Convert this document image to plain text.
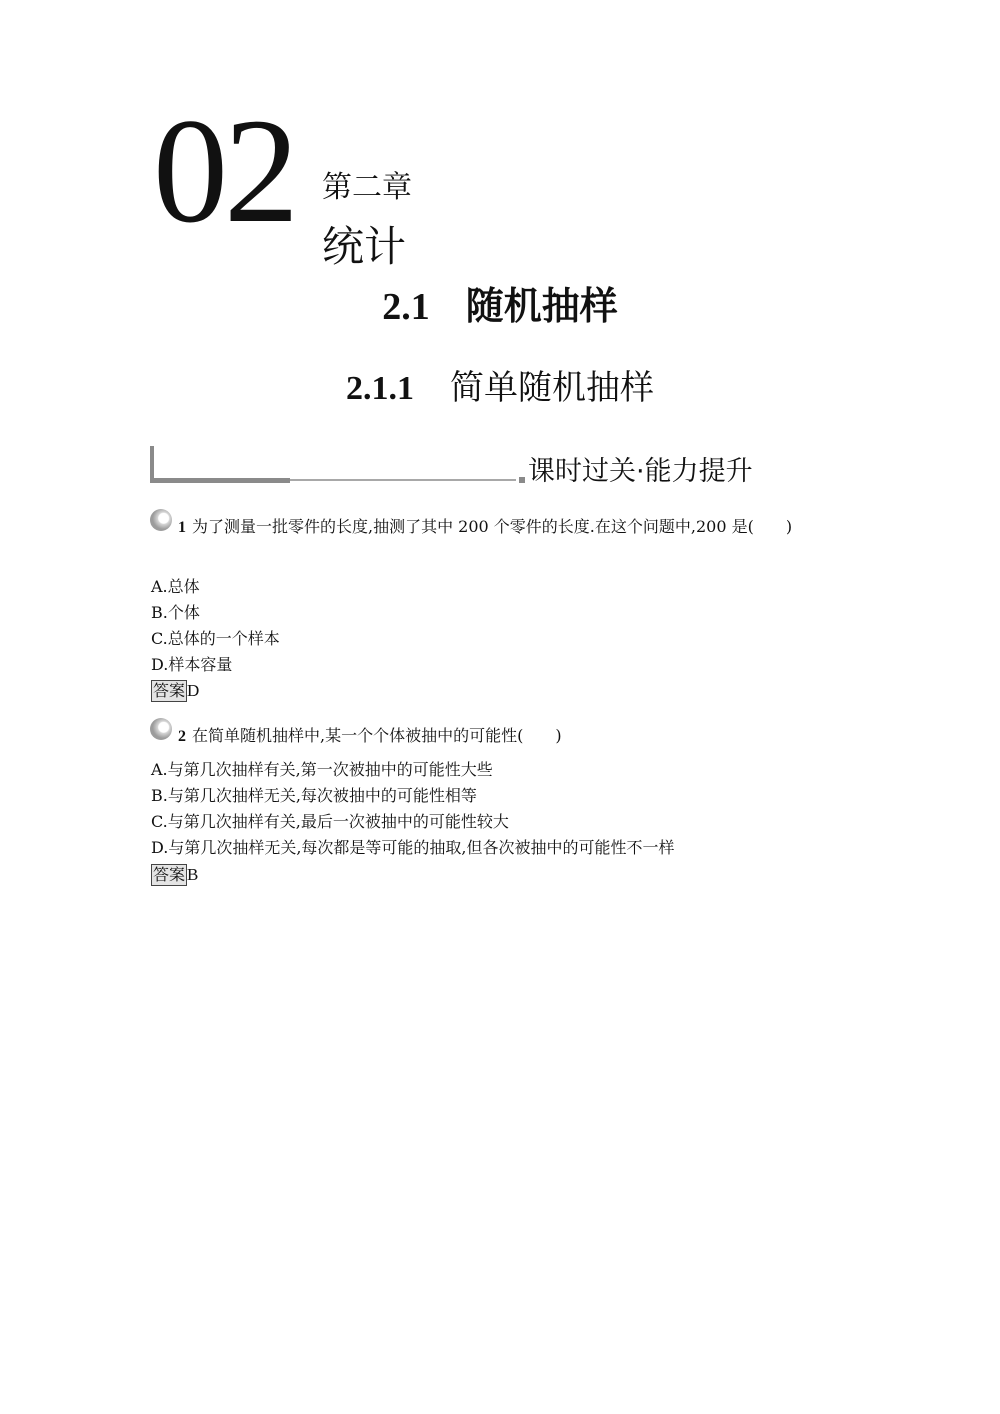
02 第二章
统计
2.1 随机抽样
2.1.1 简单随机抽样
课时过关·能力提升
1 为了测量一批零件的长度,抽测了其中 200 个零件的长度.在这个问题中,200 是(　　)
A.总体
B.个体
C.总体的一个样本
D.样本容量
答案 D
2 在简单随机抽样中,某一个个体被抽中的可能性(　　)
A.与第几次抽样有关,第一次被抽中的可能性大些
B.与第几次抽样无关,每次被抽中的可能性相等
C.与第几次抽样有关,最后一次被抽中的可能性较大
D.与第几次抽样无关,每次都是等可能的抽取,但各次被抽中的可能性不一样
答案 B
